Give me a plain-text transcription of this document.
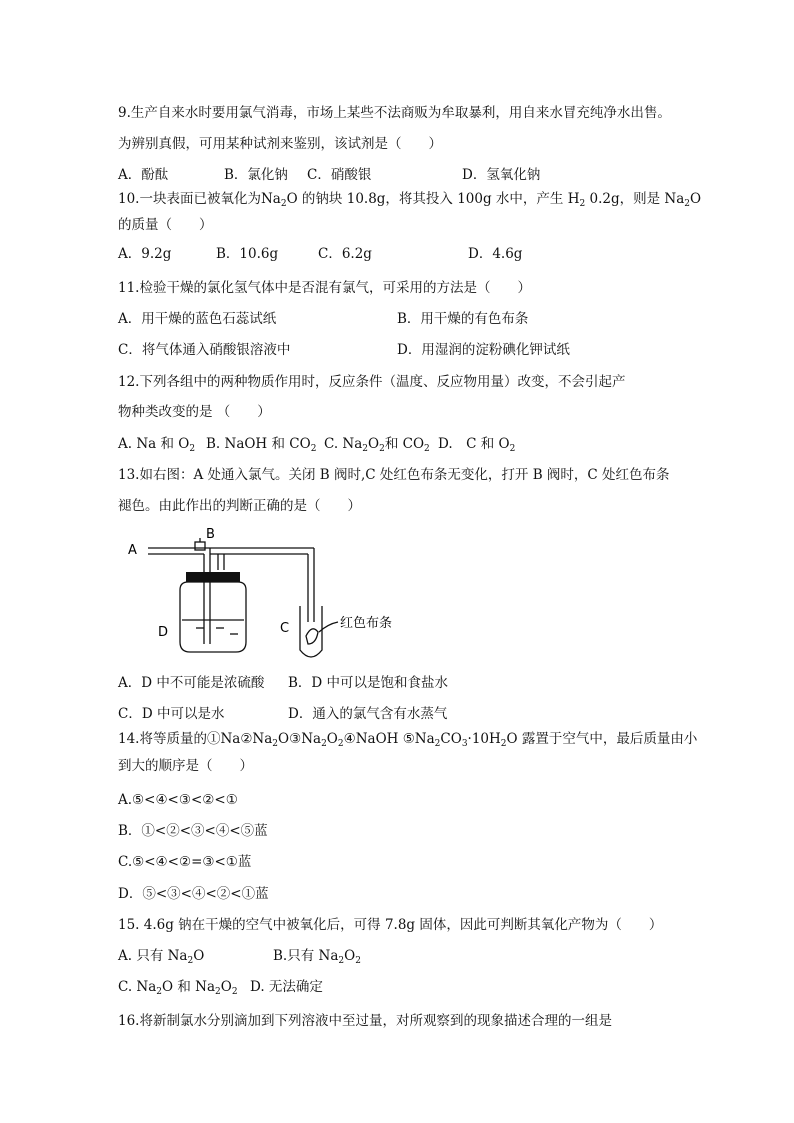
9.生产自来水时要用氯气消毒，市场上某些不法商贩为牟取暴利，用自来水冒充纯净水出售。
为辨别真假，可用某种试剂来鉴别，该试剂是（　　）
A．酚酞	B．氯化钠 C．硝酸银	D．氢氧化钠
10.一块表面已被氧化为$Na_2O$ 的钠块 10.8g，将其投入 100g 水中，产生 $H_2$ 0.2g，则是 $Na_2O$
的质量（　　）
A．9.2g	B．10.6g	C．6.2g	D．4.6g
11.检验干燥的氯化氢气体中是否混有氯气，可采用的方法是（　　）
A．用干燥的蓝色石蕊试纸	B．用干燥的有色布条
C．将气体通入硝酸银溶液中	D．用湿润的淀粉碘化钾试纸
12.下列各组中的两种物质作用时，反应条件（温度、反应物用量）改变，不会引起产
物种类改变的是 （　　）
A. Na 和 $O_2$ B. NaOH 和 $CO_2$ C. $Na_2O_2$和 $CO_2$ D.　C 和 $O_2$
13.如右图：A 处通入氯气。关闭 B 阀时,C 处红色布条无变化，打开 B 阀时，C 处红色布条
褪色。由此作出的判断正确的是（　　）
A
B
D	C	红色布条
A．D 中不可能是浓硫酸 B．D 中可以是饱和食盐水
C．D 中可以是水	D．通入的氯气含有水蒸气
14.将等质量的$①Na②Na_2O③Na_2O_2④NaOH$ $⑤Na_2CO_3\cdot 10H_2O$ 露置于空气中，最后质量由小
到大的顺序是（　　）
A.⑤<④<③<②<①
B．①<②<③<④<⑤蓝
C.⑤<④<②=③<①蓝
D．⑤<③<④<②<①蓝
15. 4.6g 钠在干燥的空气中被氧化后，可得 7.8g 固体，因此可判断其氧化产物为（　　）
A. 只有 $Na_2O$	B.只有 $Na_2O_2$
C. $Na_2O$ 和 $Na_2O_2$ D. 无法确定
16.将新制氯水分别滴加到下列溶液中至过量，对所观察到的现象描述合理的一组是
